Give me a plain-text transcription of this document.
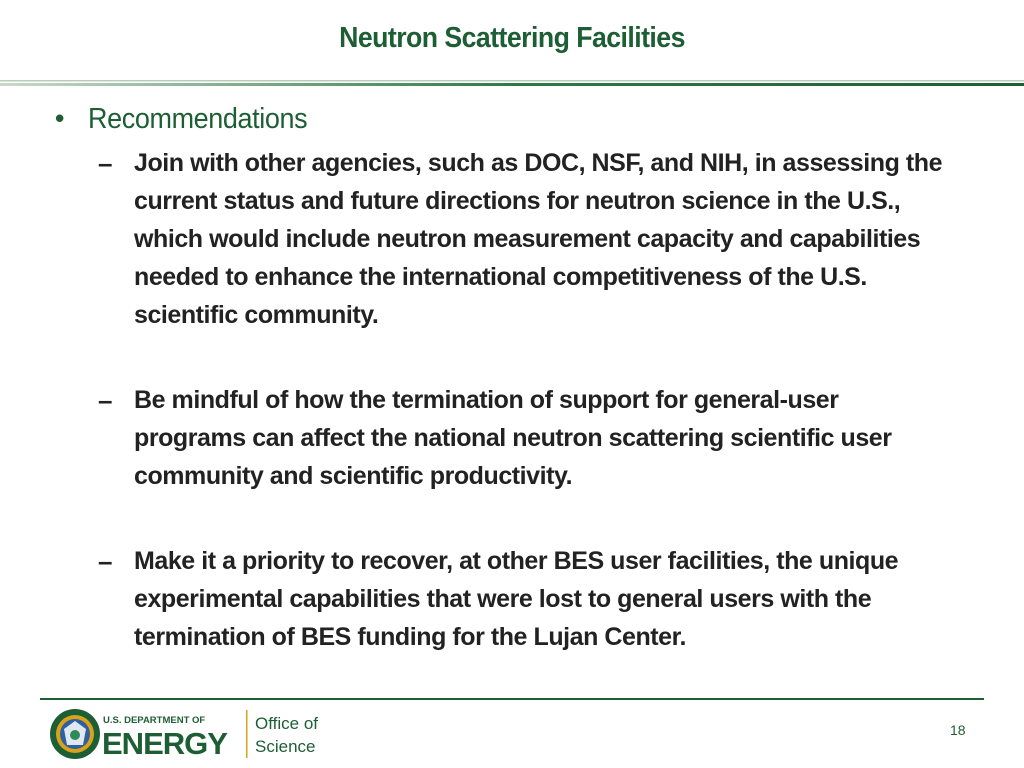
Neutron Scattering Facilities
• Recommendations
– Join with other agencies, such as DOC, NSF, and NIH, in assessing the current status and future directions for neutron science in the U.S., which would include neutron measurement capacity and capabilities needed to enhance the international competitiveness of the U.S. scientific community.
– Be mindful of how the termination of support for general-user programs can affect the national neutron scattering scientific user community and scientific productivity.
– Make it a priority to recover, at other BES user facilities, the unique experimental capabilities that were lost to general users with the termination of BES funding for the Lujan Center.
U.S. DEPARTMENT OF
ENERGY
Office of
Science
18
